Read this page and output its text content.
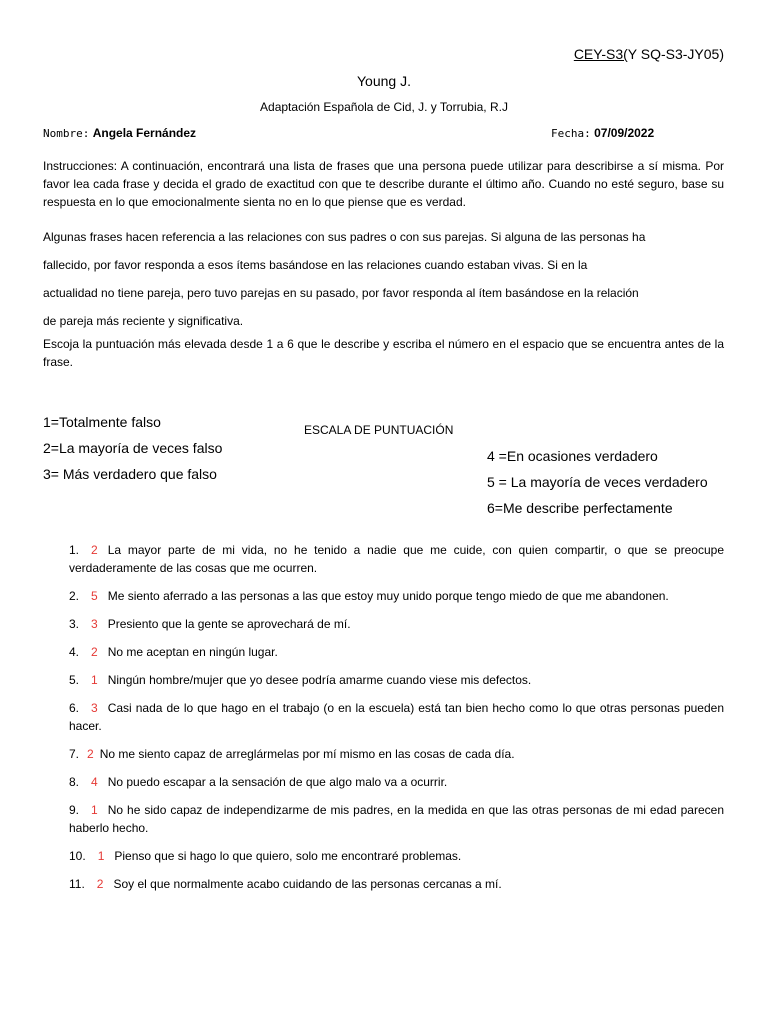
CEY-S3(Y SQ-S3-JY05)
Young J.
Adaptación Española de Cid, J. y Torrubia, R.J
Nombre: Angela Fernández	Fecha: 07/09/2022
Instrucciones: A continuación, encontrará una lista de frases que una persona puede utilizar para describirse a sí misma. Por favor lea cada frase y decida el grado de exactitud con que te describe durante el último año. Cuando no esté seguro, base su respuesta en lo que emocionalmente sienta no en lo que piense que es verdad.
Algunas frases hacen referencia a las relaciones con sus padres o con sus parejas. Si alguna de las personas ha
fallecido, por favor responda a esos ítems basándose en las relaciones cuando estaban vivas. Si en la
actualidad no tiene pareja, pero tuvo parejas en su pasado, por favor responda al ítem basándose en la relación
de pareja más reciente y significativa.
Escoja la puntuación más elevada desde 1 a 6 que le describe y escriba el número en el espacio que se encuentra antes de la frase.
1=Totalmente falso
2=La mayoría de veces falso
3= Más verdadero que falso
ESCALA DE PUNTUACIÓN
4 =En ocasiones verdadero
5 = La mayoría de veces verdadero
6=Me describe perfectamente
1. 2 La mayor parte de mi vida, no he tenido a nadie que me cuide, con quien compartir, o que se preocupe verdaderamente de las cosas que me ocurren.
2. 5 Me siento aferrado a las personas a las que estoy muy unido porque tengo miedo de que me abandonen.
3. 3 Presiento que la gente se aprovechará de mí.
4. 2 No me aceptan en ningún lugar.
5. 1 Ningún hombre/mujer que yo desee podría amarme cuando viese mis defectos.
6. 3 Casi nada de lo que hago en el trabajo (o en la escuela) está tan bien hecho como lo que otras personas pueden hacer.
7. 2 No me siento capaz de arreglármelas por mí mismo en las cosas de cada día.
8. 4 No puedo escapar a la sensación de que algo malo va a ocurrir.
9. 1 No he sido capaz de independizarme de mis padres, en la medida en que las otras personas de mi edad parecen haberlo hecho.
10. 1 Pienso que si hago lo que quiero, solo me encontraré problemas.
11. 2 Soy el que normalmente acabo cuidando de las personas cercanas a mí.
